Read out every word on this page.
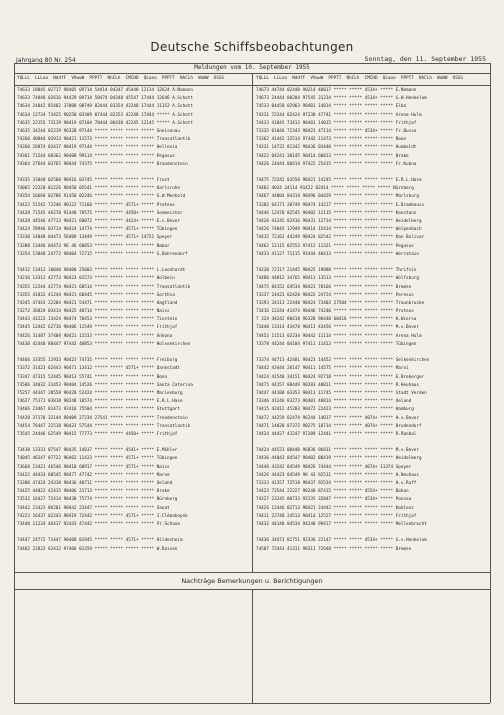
Deutsche Schiffsbeobachtungen
Jahrgang 80 Nr. 254	Sonntag, den 11. September 1955
Meldungen vom 10. September 1955
YQLLL  LLLoo  NddfF  VVwwW  PPPTT  NhCLh  CMCHD  QLaoo  PPPTT  NhCLh  WaWW  OSSS	YQLLL  LLLoo  NddfF  VVwwW  PPPTT  NhCLh  CMCHD  QLaoo  PPPTT  NhCLh  WaWW  OSSS
74633 18845 02717 90405 09714 54414 04347 45448 12134 12624 A.Nomann
74633 74848 02616 94429 09714 58474 04348 45547 17444 12646 A.Schott
74634 24042 85402 37008 08749 02444 03354 42248 17444 11352 A.Schott
74634 12734 73425 90258 03309 07444 02353 42248 17444 ***** A.Schott
74635 22155 73119 90419 07104 70444 06430 42245 12145 ***** A.Schott
74635 34244 02219 96328 97144 ***** ***** ***** ***** Gneisenau
74360 40844 03913 90421 11573 ***** ***** ***** ***** Transatlantik
74360 26874 03417 90419 97144 ***** ***** ***** ***** Hellenia
74361 71244 60362 90408 99114 ***** ***** ***** ***** Pegasus
74364 27644 03765 90444 74375 ***** ***** ***** ***** Brandenstein
74335 33840 02560 90416 03745 ***** ***** ***** ***** Frost
74065 22220 01226 90458 05541 ***** ***** ***** ***** Karlsruhe
74354 16660 02706 91458 02246 ***** ***** ***** ***** G.W.Menhold
74422 51542 72246 90122 71160 ***** ***** 4571+ ***** Proteus
74428 71545 46270 91440 78575 ***** ***** 4450+ ***** Seemeister
74428 44546 47713 90421 60072 ***** ***** 4424+ ***** E.v.Bever
74424 78946 03714 90424 14774 ***** ***** 4571+ ***** Tübingen
73330 14848 04473 56409 13449 ***** ***** 4571+ 14721 Speyer
73388 13446 04473 96 46 60053 ***** ***** ***** ***** Nabor
73354 13848 24772 90404 72715 ***** ***** ***** ***** G.Bohrendorf
74412 13412 10040 90400 25003 ***** ***** ***** ***** L.Leonhardt
74216 13312 42773 90423 01573 ***** ***** ***** ***** Holbein
74355 12244 42774 90421 60514 ***** ***** ***** ***** Transatlantik
73355 41832 41244 90421 60445 ***** ***** ***** ***** Gorthia
74345 47443 22204 90421 54471 ***** ***** ***** ***** Hagtland
73272 36824 03414 90425 40714 ***** ***** ***** ***** Naiss
74443 41223 13424 90474 78453 ***** ***** ***** ***** Tinstein
73445 12442 62716 90406 11549 ***** ***** ***** ***** Frithjof
74426 31487 37409 90421 11533 ***** ***** ***** ***** Ankona
74430 42440 80447 97443 40853 ***** ***** ***** ***** Holsenkirchen
74466 33355 11933 90423 74735 ***** ***** ***** ***** Freiburg
73372 31423 62443 90471 13412 ***** ***** 4571+ ***** Darmstadt
73347 47315 52445 90413 55741 ***** ***** ***** ***** Bonn
73586 34032 31453 90404 14526 ***** ***** ***** ***** Santa Caterina
75257 44347 20558 96428 52424 ***** ***** ***** ***** Marienburg
74627 75171 03818 90248 18574 ***** ***** ***** ***** E.R.L.Hase
74466 23467 81473 92416 75504 ***** ***** ***** ***** Stuttgart
74420 37178 32144 90409 27234 27541 ***** ***** ***** Trondenstein
74454 76447 22518 90423 57544 ***** ***** ***** ***** Transatlantik
73545 24446 62549 90415 77773 ***** ***** 4450+ ***** Frithjof
73438 13331 07547 90435 14017 ***** ***** 4541+ ***** E.Möhler
74045 46247 07722 96462 11423 ***** ***** 4571+ ***** Tübingen
73668 13421 46546 90418 60917 ***** ***** 4571+ ***** Naiss
74422 44433 00545 90477 47742 ***** ***** ***** ***** Marne
73380 47424 24318 90436 40711 ***** ***** ***** ***** Oeland
74425 44022 42415 90406 21713 ***** ***** ***** ***** Brake
73532 16427 72414 90438 75774 ***** ***** ***** ***** Nürnberg
74442 23423 86201 90442 23447 ***** ***** ***** ***** Sanat
74223 16437 02243 90419 72442 ***** ***** 4571+ ***** J.Clémakepsk
73440 11234 46417 92443 47442 ***** ***** ***** ***** Pr.Schaue
74447 24772 71447 90408 81945 ***** ***** 4571+ ***** Hildesheim
74402 22823 62412 97406 01359 ***** ***** ***** ***** W.Raisen
74673 44744 02448 90214 40017 ***** ***** 4534+ ***** E.Nomann
74673 24444 80204 97545 31234 ***** ***** 4534+ ***** G.W.Henkelom
74533 04450 02963 90401 14014 ***** ***** ***** ***** Elba
74331 72244 02424 97238 47741 ***** ***** ***** ***** Arena Hulm
74433 41045 73413 90401 14015 ***** ***** ***** ***** Frithjof
73335 01046 72343 90423 47114 ***** ***** 4534+ ***** Fr.Busse
73362 41442 32514 97442 11473 ***** ***** ***** ***** Roon
74331 14722 81342 90436 03440 ***** ***** ***** ***** Humboldt
74422 04241 38145 90414 60813 ***** ***** ***** ***** Brake
74426 24444 80414 97422 25415 ***** ***** ***** ***** Fr.Kubna
74475 72242 03550 90421 14245 ***** ***** ***** ***** E.R.L.Hase
74482 4024 24114 91422 02414 ***** ***** ***** ***** Nürnberg
74467 44004 84314 90496 04429 ***** ***** ***** ***** Marlsburg
73382 64171 20749 90474 14217 ***** ***** ***** ***** E.Brambeuss
74446 12470 82545 90402 12115 ***** ***** ***** ***** Konstanz
74426 41245 02416 90431 12714 ***** ***** ***** ***** Heidelberg
74426 74045 12949 90414 15414 ***** ***** ***** ***** Wolpenbach
74415 72162 44249 90424 82542 ***** ***** ***** ***** Kan Bolivar
74462 12115 82553 97412 11321 ***** ***** ***** ***** Pegasus
74433 41127 71115 91444 40413 ***** ***** ***** ***** Werratain
74230 72117 21445 90425 19888 ***** ***** ***** ***** Thrifsin
74480 44812 34765 90411 13513 ***** ***** ***** ***** Wolfsburg
74475 84152 64534 90423 78166 ***** ***** ***** ***** Bremen
73337 24423 02420 90422 24724 ***** ***** ***** ***** Peresus
73393 34113 22440 90424 73403 27504 ***** ***** ***** Traunbrucke
73416 12244 41474 90446 74240 ***** ***** ***** ***** Proteus
7 324 44242 80418 96328 90440 60416 ***** ***** ***** K.Wiersa
73440 13314 43478 90413 43456 ***** ***** ***** ***** M.v.Bever
74453 11513 02234 90442 11114 ***** ***** ***** ***** Arena Hulm
73378 44244 04104 97411 11413 ***** ***** ***** ***** Tübingen
73374 44713 42481 90423 14452 ***** ***** ***** ***** Selkenkirchen
74442 43444 20147 90411 14575 ***** ***** ***** ***** Marni
74424 41540 34151 90424 92718 ***** ***** ***** ***** E.Breberger
74475 44157 80449 90203 40011 ***** ***** ***** ***** R.Heuhaus
74447 44108 03353 90411 11745 ***** ***** ***** ***** Stadt Verden
73346 41246 83273 90401 48814 ***** ***** ***** ***** Oeland
74415 42412 45203 90472 22423 ***** ***** ***** ***** Hamburg
74472 44259 82474 96244 14017 ***** ***** 4074+ ***** H.v.Bever
74471 14028 87372 90275 18714 ***** ***** 4074+ ***** Brudendorf
74424 44427 43247 97209 12441 ***** ***** ***** ***** R.Ranbol
74424 44523 80440 96836 96811 ***** ***** ***** ***** M.v.Bever
74436 44043 84547 90402 80419 ***** ***** ***** ***** Heidelberg
74446 43242 84549 90426 74444 ***** ***** 4074+ 11374 Speyer
74426 44423 84549 98 43 92511 ***** ***** ***** ***** H.Neuhaus
73333 41357 72518 98437 92534 ***** ***** ***** ***** H.v.Ruff
74423 72544 22227 90240 87415 ***** ***** 4554+ ***** Bokon
74327 23245 80733 92235 32847 ***** ***** 4534+ ***** Ponsoa
74426 12446 82713 90421 24442 ***** ***** ***** ***** Koblenz
74411 22748 24513 90414 12527 ***** ***** ***** ***** Frithjof
74432 44148 04534 94240 99417 ***** ***** ***** ***** Mellenbrecht
74436 34473 82751 92336 22147 ***** ***** 4534+ ***** G.v.Henkelom
74507 72443 41311 98311 72648 ***** ***** ***** ***** Bremen
Nachträge Bemerkungen u. Berichtigungen
